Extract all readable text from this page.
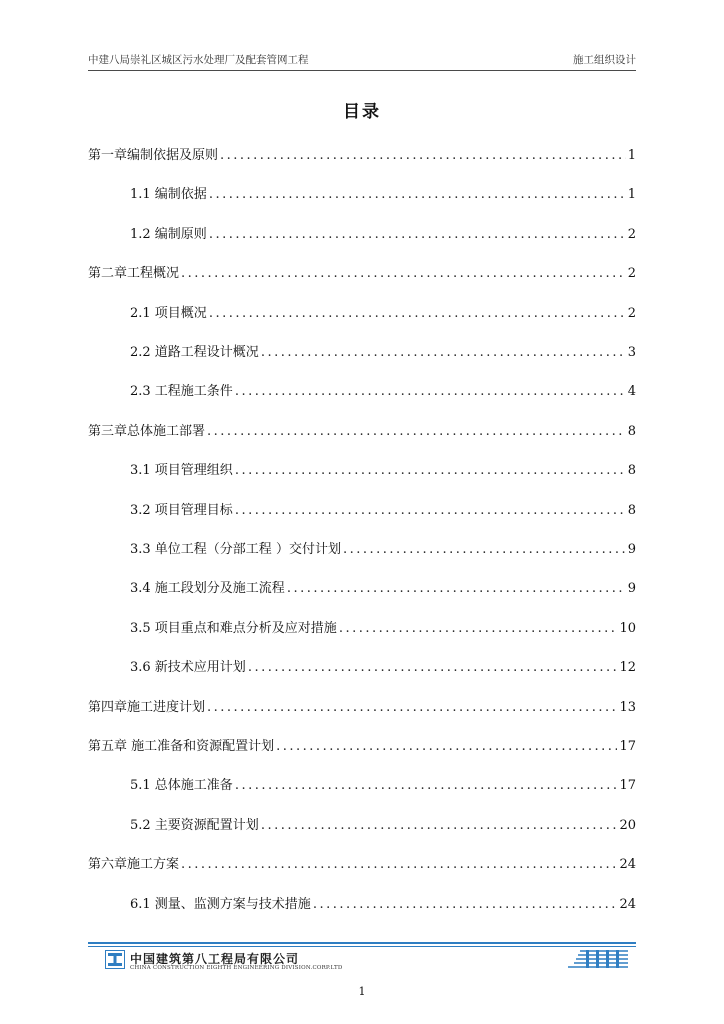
中建八局崇礼区城区污水处理厂及配套管网工程	施工组织设计
目录
第一章编制依据及原则 .....	1
1.1 编制依据 .....	1
1.2 编制原则 .....	2
第二章工程概况 .....	2
2.1 项目概况 .....	2
2.2 道路工程设计概况 .....	3
2.3 工程施工条件 .....	4
第三章总体施工部署 .....	8
3.1 项目管理组织 .....	8
3.2 项目管理目标 .....	8
3.3 单位工程（分部工程 ）交付计划 .....	9
3.4 施工段划分及施工流程 .....	9
3.5 项目重点和难点分析及应对措施 .....	10
3.6 新技术应用计划 .....	12
第四章施工进度计划 .....	13
第五章 施工准备和资源配置计划 .....	17
5.1 总体施工准备 .....	17
5.2 主要资源配置计划 .....	20
第六章施工方案 .....	24
6.1 测量、监测方案与技术措施 .....	24
中国建筑第八工程局有限公司
CHINA CONSTRUCTION EIGHTH ENGINEERING DIVISION.CORP.LTD
1
